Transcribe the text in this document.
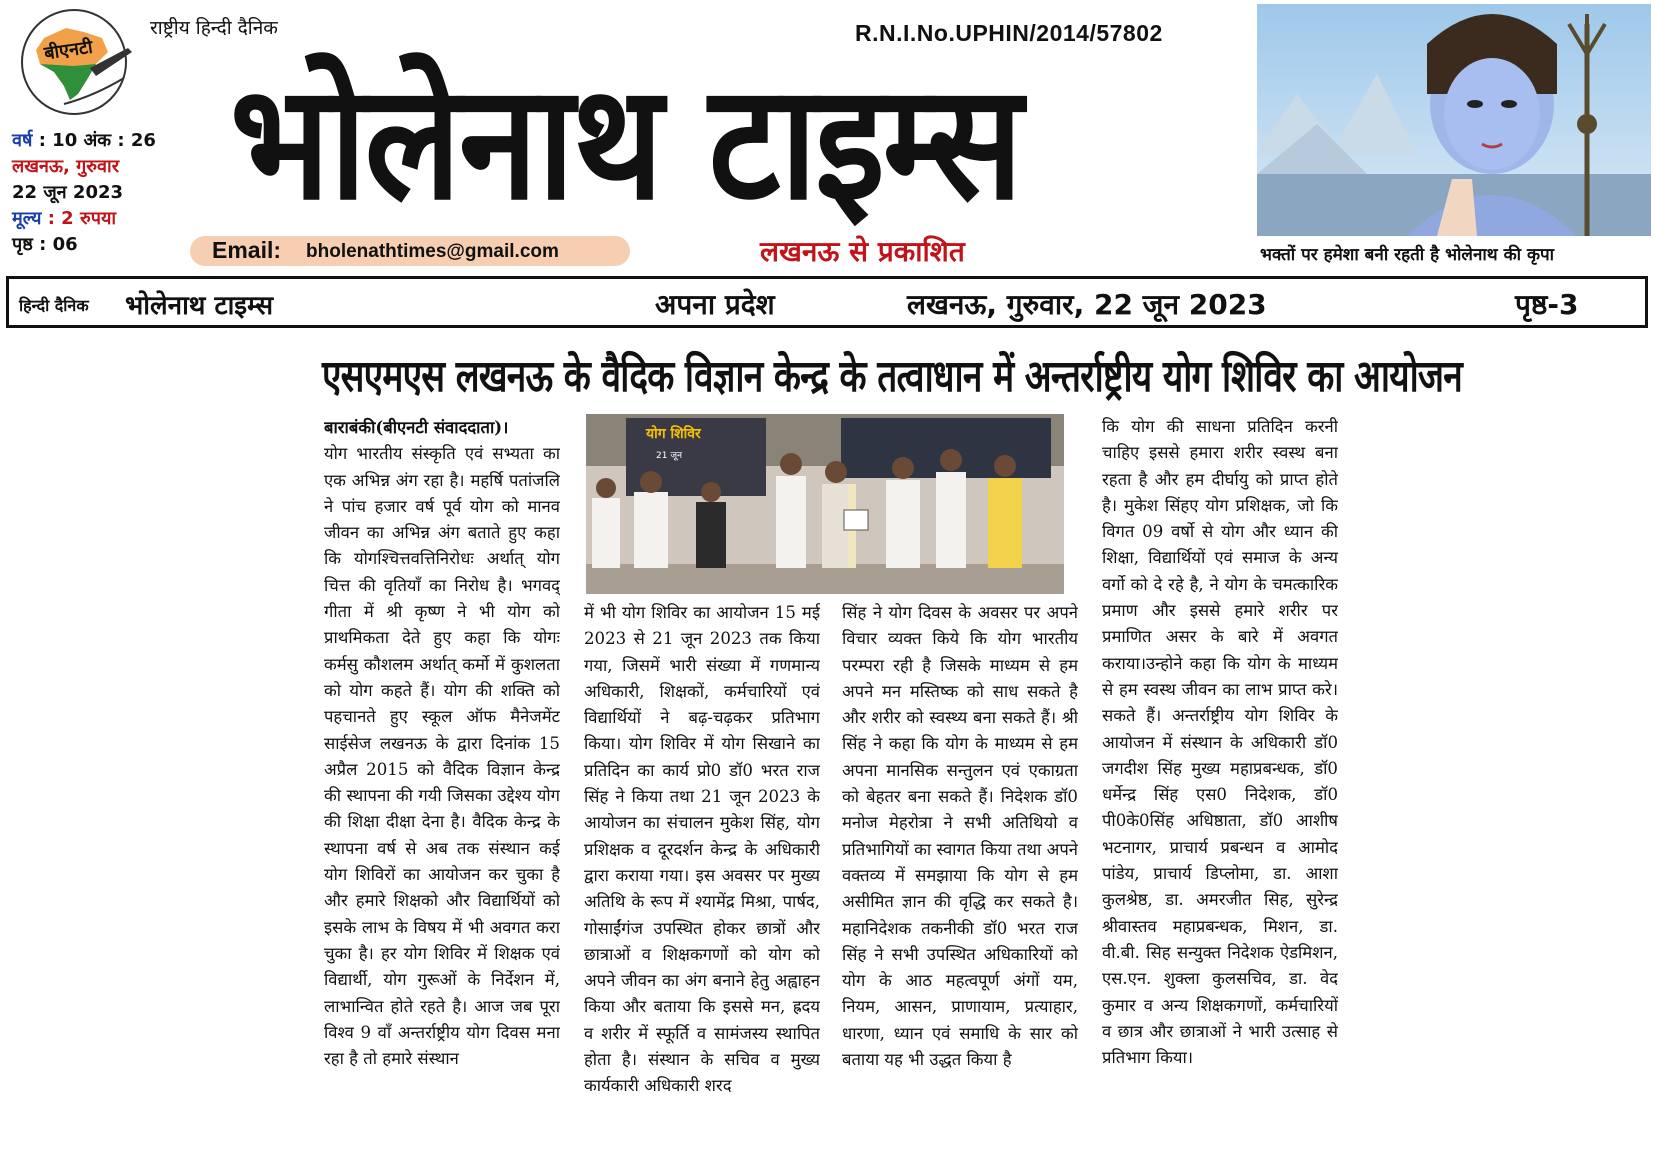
बीएनटी
राष्ट्रीय हिन्दी दैनिक	R.N.I.No.UPHIN/2014/57802
भोलेनाथ टाइम्स
भक्तों पर हमेशा बनी रहती है भोलेनाथ की कृपा
वर्ष : 10 अंक : 26
लखनऊ, गुरुवार
22 जून 2023
मूल्य : 2 रुपया
पृष्ठ : 06	Email: bholenathtimes@gmail.com	लखनऊ से प्रकाशित
हिन्दी दैनिक भोलेनाथ टाइम्स	अपना प्रदेश	लखनऊ, गुरुवार, 22 जून 2023	पृष्ठ-3
एसएमएस लखनऊ के वैदिक विज्ञान केन्द्र के तत्वाधान में अन्तर्राष्ट्रीय योग शिविर का आयोजन

बाराबंकी(बीएनटी संवाददाता)।

योग भारतीय संस्कृति एवं सभ्यता का एक अभिन्न अंग रहा है। महर्षि पतांजलि ने पांच हजार वर्ष पूर्व योग को मानव जीवन का अभिन्न अंग बताते हुए कहा कि योगश्चित्तवत्तिनिरोधः अर्थात् योग चित्त की वृतियाँ का निरोध है। भगवद् गीता में श्री कृष्ण ने भी योग को प्राथमिकता देते हुए कहा कि योगः कर्मसु कौशलम अर्थात् कर्मो में कुशलता को योग कहते हैं। योग की शक्ति को पहचानते हुए स्कूल ऑफ मैनेजमेंट साईसेज लखनऊ के द्वारा दिनांक 15 अप्रैल 2015 को वैदिक विज्ञान केन्द्र की स्थापना की गयी जिसका उद्देश्य योग की शिक्षा दीक्षा देना है। वैदिक केन्द्र के स्थापना वर्ष से अब तक संस्थान कई योग शिविरों का आयोजन कर चुका है और हमारे शिक्षको और विद्यार्थियों को इसके लाभ के विषय में भी अवगत करा चुका है। हर योग शिविर में शिक्षक एवं विद्यार्थी, योग गुरूओं के निर्देशन में, लाभान्वित होते रहते है। आज जब पूरा विश्व 9 वॉं अन्तर्राष्ट्रीय योग दिवस मना रहा है तो हमारे संस्थान

योग शिविर
21 जून

में भी योग शिविर का आयोजन 15 मई 2023 से 21 जून 2023 तक किया गया, जिसमें भारी संख्या में गणमान्य अधिकारी, शिक्षकों, कर्मचारियों एवं विद्यार्थियों ने बढ़-चढ़कर प्रतिभाग किया। योग शिविर में योग सिखाने का प्रतिदिन का कार्य प्रो0 डॉ0 भरत राज सिंह ने किया तथा 21 जून 2023 के आयोजन का संचालन मुकेश सिंह, योग प्रशिक्षक व दूरदर्शन केन्द्र के अधिकारी द्वारा कराया गया। इस अवसर पर मुख्य अतिथि के रूप में श्यामेंद्र मिश्रा, पार्षद, गोसाईंगंज उपस्थित होकर छात्रों और छात्राओं व शिक्षकगणों को योग को अपने जीवन का अंग बनाने हेतु अह्वाहन किया और बताया कि इससे मन, ह्रदय व शरीर में स्फूर्ति व सामंजस्य स्थापित होता है। संस्थान के सचिव व मुख्य कार्यकारी अधिकारी शरद

सिंह ने योग दिवस के अवसर पर अपने विचार व्यक्त किये कि योग भारतीय परम्परा रही है जिसके माध्यम से हम अपने मन मस्तिष्क को साध सकते है और शरीर को स्वस्थ्य बना सकते हैं। श्री सिंह ने कहा कि योग के माध्यम से हम अपना मानसिक सन्तुलन एवं एकाग्रता को बेहतर बना सकते हैं। निदेशक डॉ0 मनोज मेहरोत्रा ने सभी अतिथियो व प्रतिभागियों का स्वागत किया तथा अपने वक्तव्य में समझाया कि योग से हम असीमित ज्ञान की वृद्धि कर सकते है। महानिदेशक तकनीकी डॉ0 भरत राज सिंह ने सभी उपस्थित अधिकारियों को योग के आठ महत्वपूर्ण अंगों यम, नियम, आसन, प्राणायाम, प्रत्याहार, धारणा, ध्यान एवं समाधि के सार को बताया यह भी उद्धत किया है

कि योग की साधना प्रतिदिन करनी चाहिए इससे हमारा शरीर स्वस्थ बना रहता है और हम दीर्घायु को प्राप्त होते है। मुकेश सिंहए योग प्रशिक्षक, जो कि विगत 09 वर्षो से योग और ध्यान की शिक्षा, विद्यार्थियों एवं समाज के अन्य वर्गो को दे रहे है, ने योग के चमत्कारिक प्रमाण और इससे हमारे शरीर पर प्रमाणित असर के बारे में अवगत कराया।उन्होने कहा कि योग के माध्यम से हम स्वस्थ जीवन का लाभ प्राप्त करे। सकते हैं। अन्तर्राष्ट्रीय योग शिविर के आयोजन में संस्थान के अधिकारी डॉ0 जगदीश सिंह मुख्य महाप्रबन्धक, डॉ0 धर्मेन्द्र सिंह एस0 निदेशक, डॉ0 पी0के0सिंह अधिष्ठाता, डॉ0 आशीष भटनागर, प्राचार्य प्रबन्धन व आमोद पांडेय, प्राचार्य डिप्लोमा, डा. आशा कुलश्रेष्ठ, डा. अमरजीत सिह, सुरेन्द्र श्रीवास्तव महाप्रबन्धक, मिशन, डा. वी.बी. सिह सन्युक्त निदेशक ऐडमिशन, एस.एन. शुक्ला कुलसचिव, डा. वेद कुमार व अन्य शिक्षकगणों, कर्मचारियों व छात्र और छात्राओं ने भारी उत्साह से प्रतिभाग किया।
